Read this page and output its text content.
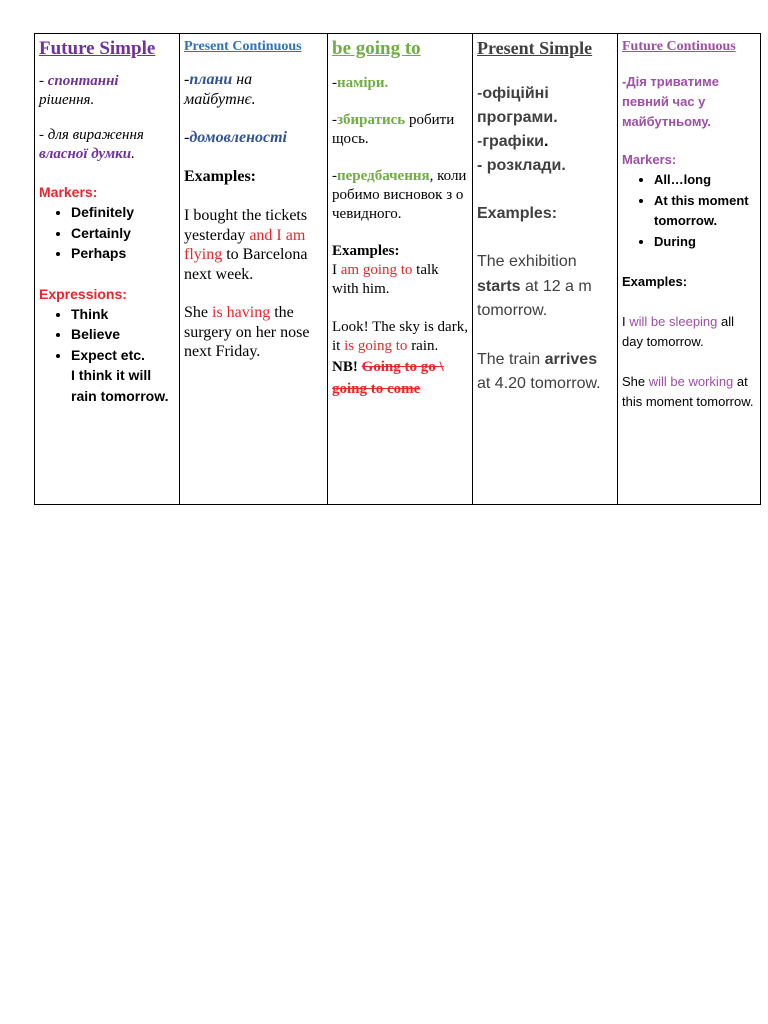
Future Simple

- спонтанні рішення.

- для вираження власної думки.

Markers:

• Definitely
• Certainly
• Perhaps

Expressions:

• Think
• Believe
• Expect etc.

I think it will rain tomorrow.

Present Continuous

-плани на майбутнє.

-домовленості

Examples:

I bought the tickets yesterday and I am flying to Barcelona next week.

She is having the surgery on her nose next Friday.

be going to

-наміри.

-збиратись робити щось.

-передбачення, коли робимо висновок з очевидного.

Examples:

I am going to talk with him.

Look! The sky is dark, it is going to rain.

NB! Going to go \ going to come

Present Simple

-офіційні програми.

-графіки.

- розклади.

Examples:

The exhibition starts at 12 a m tomorrow.

The train arrives at 4.20 tomorrow.

Future Continuous

-Дія триватиме певний час у майбутньому.

Markers:

• All…long
• At this moment tomorrow.
• During

Examples:

I will be sleeping all day tomorrow.

She will be working at this moment tomorrow.
